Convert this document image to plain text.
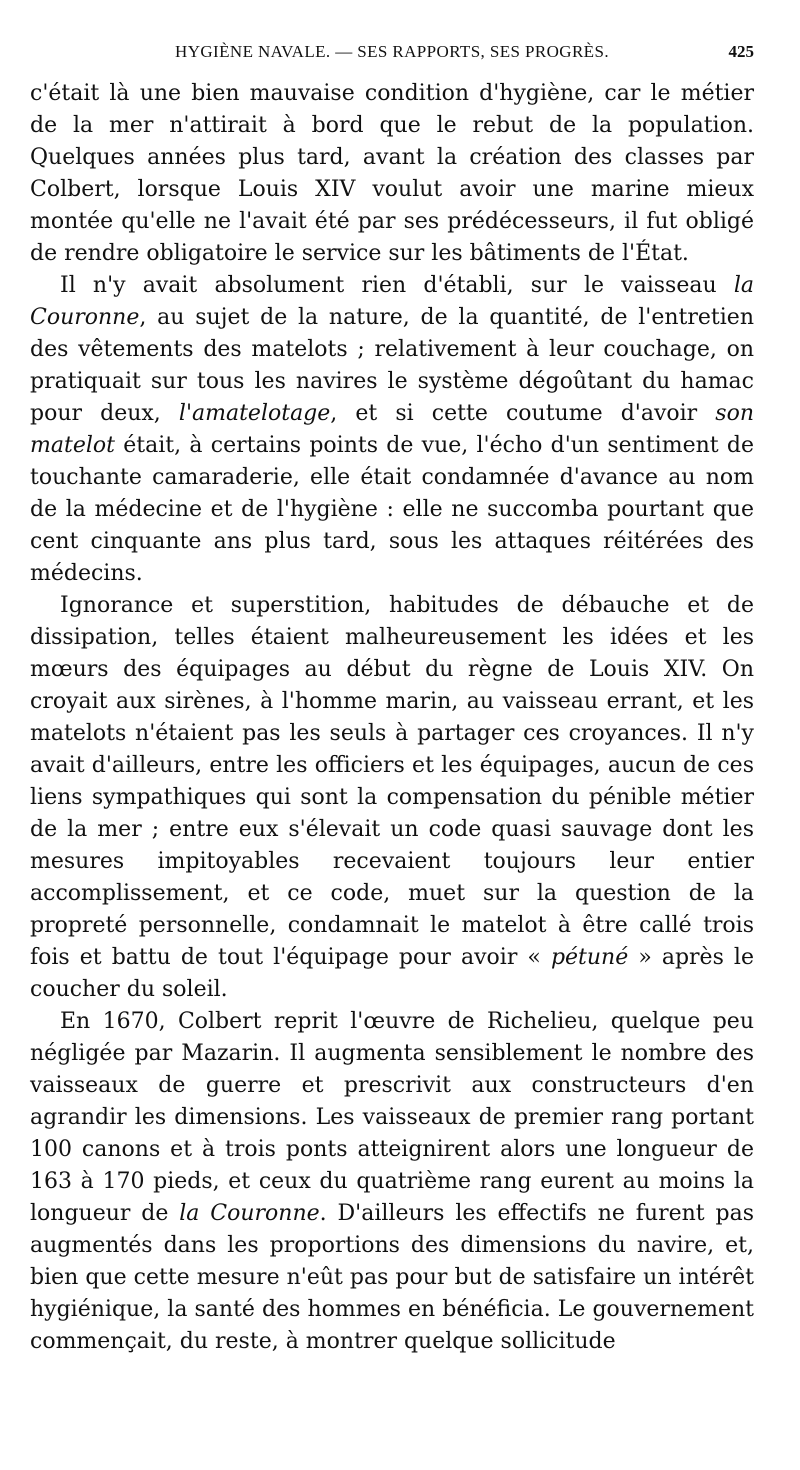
HYGIÈNE NAVALE. — SES RAPPORTS, SES PROGRÈS.	425

c'était là une bien mauvaise condition d'hygiène, car le métier de la mer n'attirait à bord que le rebut de la population. Quelques années plus tard, avant la création des classes par Colbert, lorsque Louis XIV voulut avoir une marine mieux montée qu'elle ne l'avait été par ses prédécesseurs, il fut obligé de rendre obligatoire le service sur les bâtiments de l'État.

Il n'y avait absolument rien d'établi, sur le vaisseau la Couronne, au sujet de la nature, de la quantité, de l'entretien des vêtements des matelots ; relativement à leur couchage, on pratiquait sur tous les navires le système dégoûtant du hamac pour deux, l'amatelotage, et si cette coutume d'avoir son matelot était, à certains points de vue, l'écho d'un sentiment de touchante camaraderie, elle était condamnée d'avance au nom de la médecine et de l'hygiène : elle ne succomba pourtant que cent cinquante ans plus tard, sous les attaques réitérées des médecins.

Ignorance et superstition, habitudes de débauche et de dissipation, telles étaient malheureusement les idées et les mœurs des équipages au début du règne de Louis XIV. On croyait aux sirènes, à l'homme marin, au vaisseau errant, et les matelots n'étaient pas les seuls à partager ces croyances. Il n'y avait d'ailleurs, entre les officiers et les équipages, aucun de ces liens sympathiques qui sont la compensation du pénible métier de la mer ; entre eux s'élevait un code quasi sauvage dont les mesures impitoyables recevaient toujours leur entier accomplissement, et ce code, muet sur la question de la propreté personnelle, condamnait le matelot à être callé trois fois et battu de tout l'équipage pour avoir « pétuné » après le coucher du soleil.

En 1670, Colbert reprit l'œuvre de Richelieu, quelque peu négligée par Mazarin. Il augmenta sensiblement le nombre des vaisseaux de guerre et prescrivit aux constructeurs d'en agrandir les dimensions. Les vaisseaux de premier rang portant 100 canons et à trois ponts atteignirent alors une longueur de 163 à 170 pieds, et ceux du quatrième rang eurent au moins la longueur de la Couronne. D'ailleurs les effectifs ne furent pas augmentés dans les proportions des dimensions du navire, et, bien que cette mesure n'eût pas pour but de satisfaire un intérêt hygiénique, la santé des hommes en bénéficia. Le gouvernement commençait, du reste, à montrer quelque sollicitude
